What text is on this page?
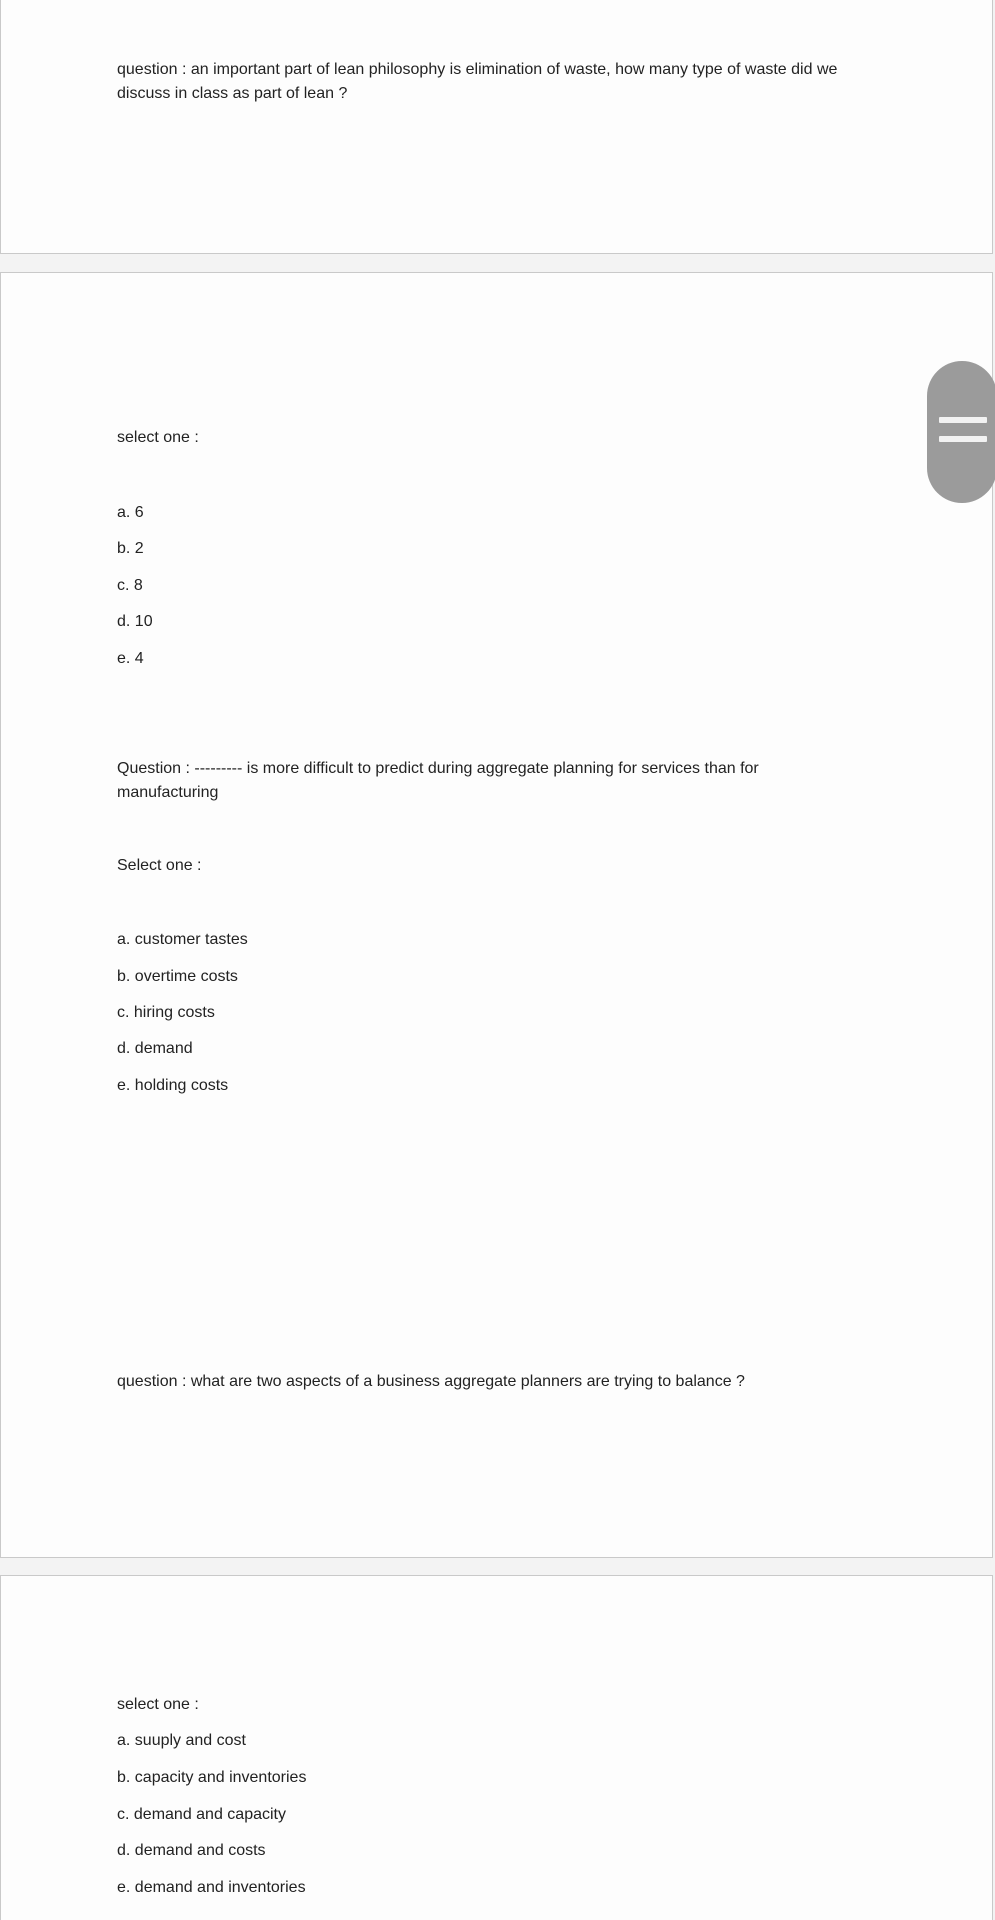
question : an important part of lean philosophy is elimination of waste, how many type of waste did we
discuss in class as part of lean ?
select one :
a. 6
b. 2
c. 8
d. 10
e. 4
Question : --------- is more difficult to predict during aggregate planning for services than for
manufacturing
Select one :
a. customer tastes
b. overtime costs
c. hiring costs
d. demand
e. holding costs
question : what are two aspects of a business aggregate planners are trying to balance ?
select one :
a. suuply and cost
b. capacity and inventories
c. demand and capacity
d. demand and costs
e. demand and inventories
